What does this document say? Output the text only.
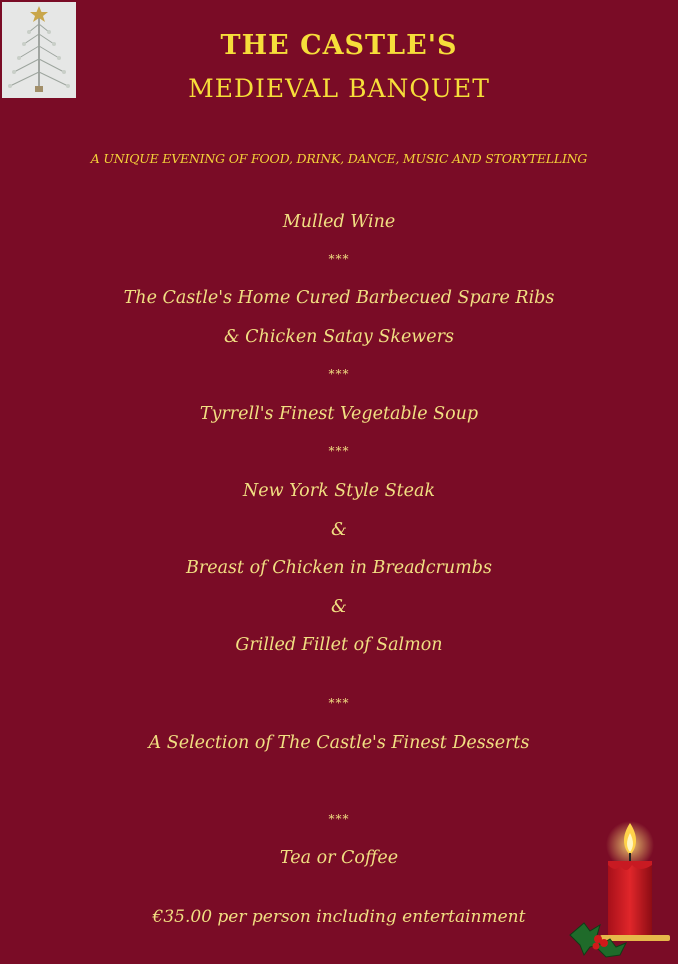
THE CASTLE'S
MEDIEVAL BANQUET
A UNIQUE EVENING OF FOOD, DRINK, DANCE, MUSIC AND STORYTELLING
Mulled Wine
***
The Castle's Home Cured Barbecued Spare Ribs
& Chicken Satay Skewers
***
Tyrrell's Finest Vegetable Soup
***
New York Style Steak
&
Breast of Chicken in Breadcrumbs
&
Grilled Fillet of Salmon
***
A Selection of The Castle's Finest Desserts
***
Tea or Coffee
€35.00 per person including entertainment
